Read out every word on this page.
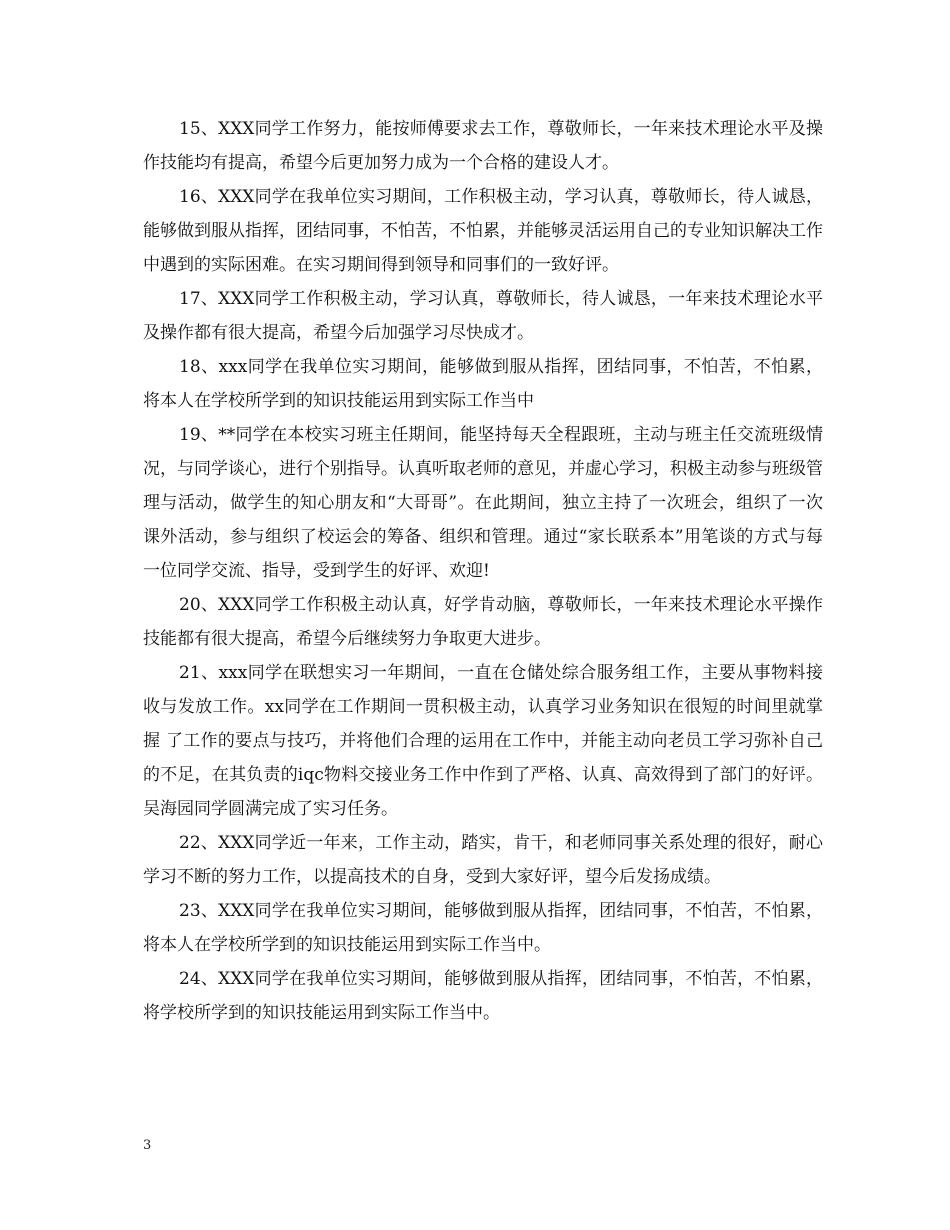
15、XXX同学工作努力，能按师傅要求去工作，尊敬师长，一年来技术理论水平及操作技能均有提高，希望今后更加努力成为一个合格的建设人才。

16、XXX同学在我单位实习期间，工作积极主动，学习认真，尊敬师长，待人诚恳，能够做到服从指挥，团结同事，不怕苦，不怕累，并能够灵活运用自己的专业知识解决工作中遇到的实际困难。在实习期间得到领导和同事们的一致好评。

17、XXX同学工作积极主动，学习认真，尊敬师长，待人诚恳，一年来技术理论水平及操作都有很大提高，希望今后加强学习尽快成才。

18、xxx同学在我单位实习期间，能够做到服从指挥，团结同事，不怕苦，不怕累，将本人在学校所学到的知识技能运用到实际工作当中

19、**同学在本校实习班主任期间，能坚持每天全程跟班，主动与班主任交流班级情况，与同学谈心，进行个别指导。认真听取老师的意见，并虚心学习，积极主动参与班级管理与活动，做学生的知心朋友和“大哥哥”。在此期间，独立主持了一次班会，组织了一次课外活动，参与组织了校运会的筹备、组织和管理。通过“家长联系本”用笔谈的方式与每一位同学交流、指导，受到学生的好评、欢迎!

20、XXX同学工作积极主动认真，好学肯动脑，尊敬师长，一年来技术理论水平操作技能都有很大提高，希望今后继续努力争取更大进步。

21、xxx同学在联想实习一年期间，一直在仓储处综合服务组工作，主要从事物料接收与发放工作。xx同学在工作期间一贯积极主动，认真学习业务知识在很短的时间里就掌握 了工作的要点与技巧，并将他们合理的运用在工作中，并能主动向老员工学习弥补自己的不足，在其负责的iqc物料交接业务工作中作到了严格、认真、高效得到了部门的好评。吴海园同学圆满完成了实习任务。

22、XXX同学近一年来，工作主动，踏实，肯干，和老师同事关系处理的很好，耐心学习不断的努力工作，以提高技术的自身，受到大家好评，望今后发扬成绩。

23、XXX同学在我单位实习期间，能够做到服从指挥，团结同事，不怕苦，不怕累，将本人在学校所学到的知识技能运用到实际工作当中。

24、XXX同学在我单位实习期间，能够做到服从指挥，团结同事，不怕苦，不怕累，将学校所学到的知识技能运用到实际工作当中。

3
